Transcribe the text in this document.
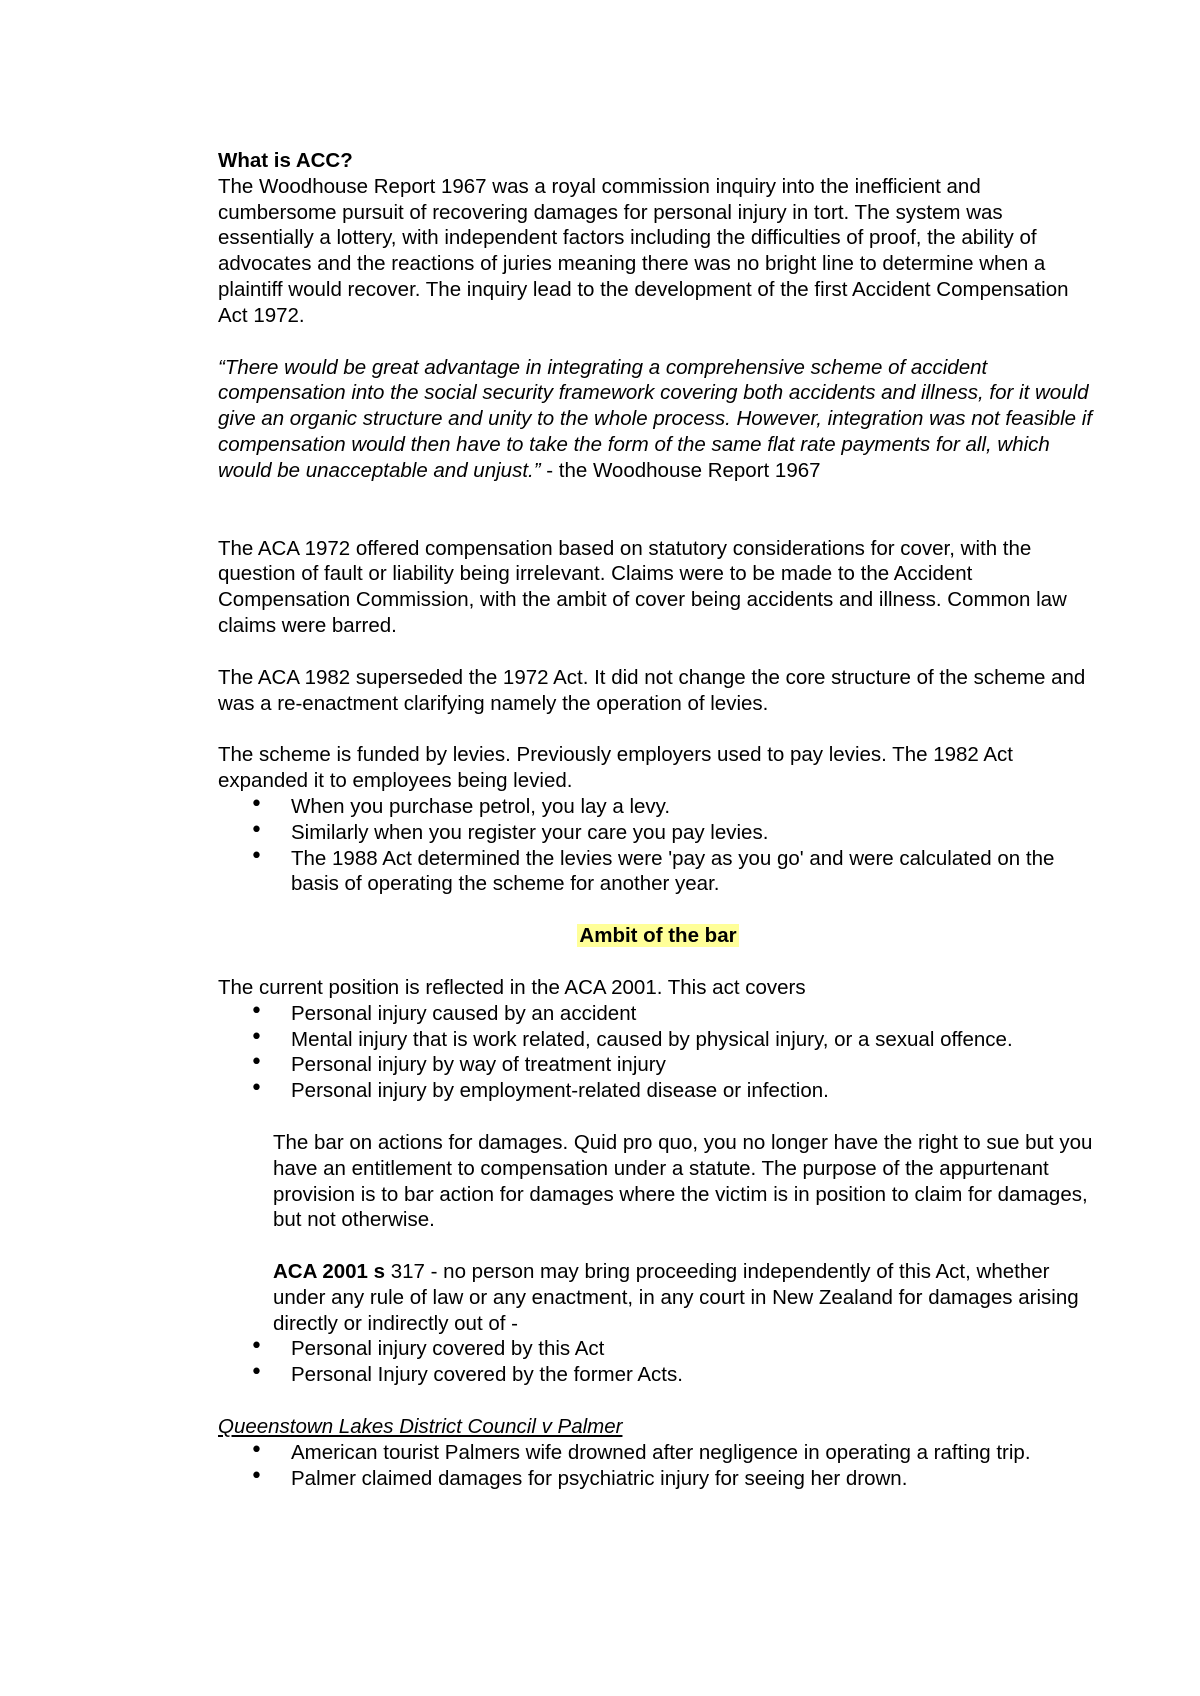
What is ACC?

The Woodhouse Report 1967 was a royal commission inquiry into the inefficient and cumbersome pursuit of recovering damages for personal injury in tort. The system was essentially a lottery, with independent factors including the difficulties of proof, the ability of advocates and the reactions of juries meaning there was no bright line to determine when a plaintiff would recover. The inquiry lead to the development of the first Accident Compensation Act 1972.

“There would be great advantage in integrating a comprehensive scheme of accident compensation into the social security framework covering both accidents and illness, for it would give an organic structure and unity to the whole process. However, integration was not feasible if compensation would then have to take the form of the same flat rate payments for all, which would be unacceptable and unjust.” - the Woodhouse Report 1967

The ACA 1972 offered compensation based on statutory considerations for cover, with the question of fault or liability being irrelevant. Claims were to be made to the Accident Compensation Commission, with the ambit of cover being accidents and illness. Common law claims were barred.

The ACA 1982 superseded the 1972 Act. It did not change the core structure of the scheme and was a re-enactment clarifying namely the operation of levies.

The scheme is funded by levies. Previously employers used to pay levies. The 1982 Act expanded it to employees being levied.

• When you purchase petrol, you lay a levy.
• Similarly when you register your care you pay levies.
• The 1988 Act determined the levies were 'pay as you go' and were calculated on the basis of operating the scheme for another year.

Ambit of the bar

The current position is reflected in the ACA 2001. This act covers

• Personal injury caused by an accident
• Mental injury that is work related, caused by physical injury, or a sexual offence.
• Personal injury by way of treatment injury
• Personal injury by employment-related disease or infection.

The bar on actions for damages. Quid pro quo, you no longer have the right to sue but you have an entitlement to compensation under a statute. The purpose of the appurtenant provision is to bar action for damages where the victim is in position to claim for damages, but not otherwise.

ACA 2001 s 317 - no person may bring proceeding independently of this Act, whether under any rule of law or any enactment, in any court in New Zealand for damages arising directly or indirectly out of -

• Personal injury covered by this Act
• Personal Injury covered by the former Acts.

Queenstown Lakes District Council v Palmer

• American tourist Palmers wife drowned after negligence in operating a rafting trip.
• Palmer claimed damages for psychiatric injury for seeing her drown.
